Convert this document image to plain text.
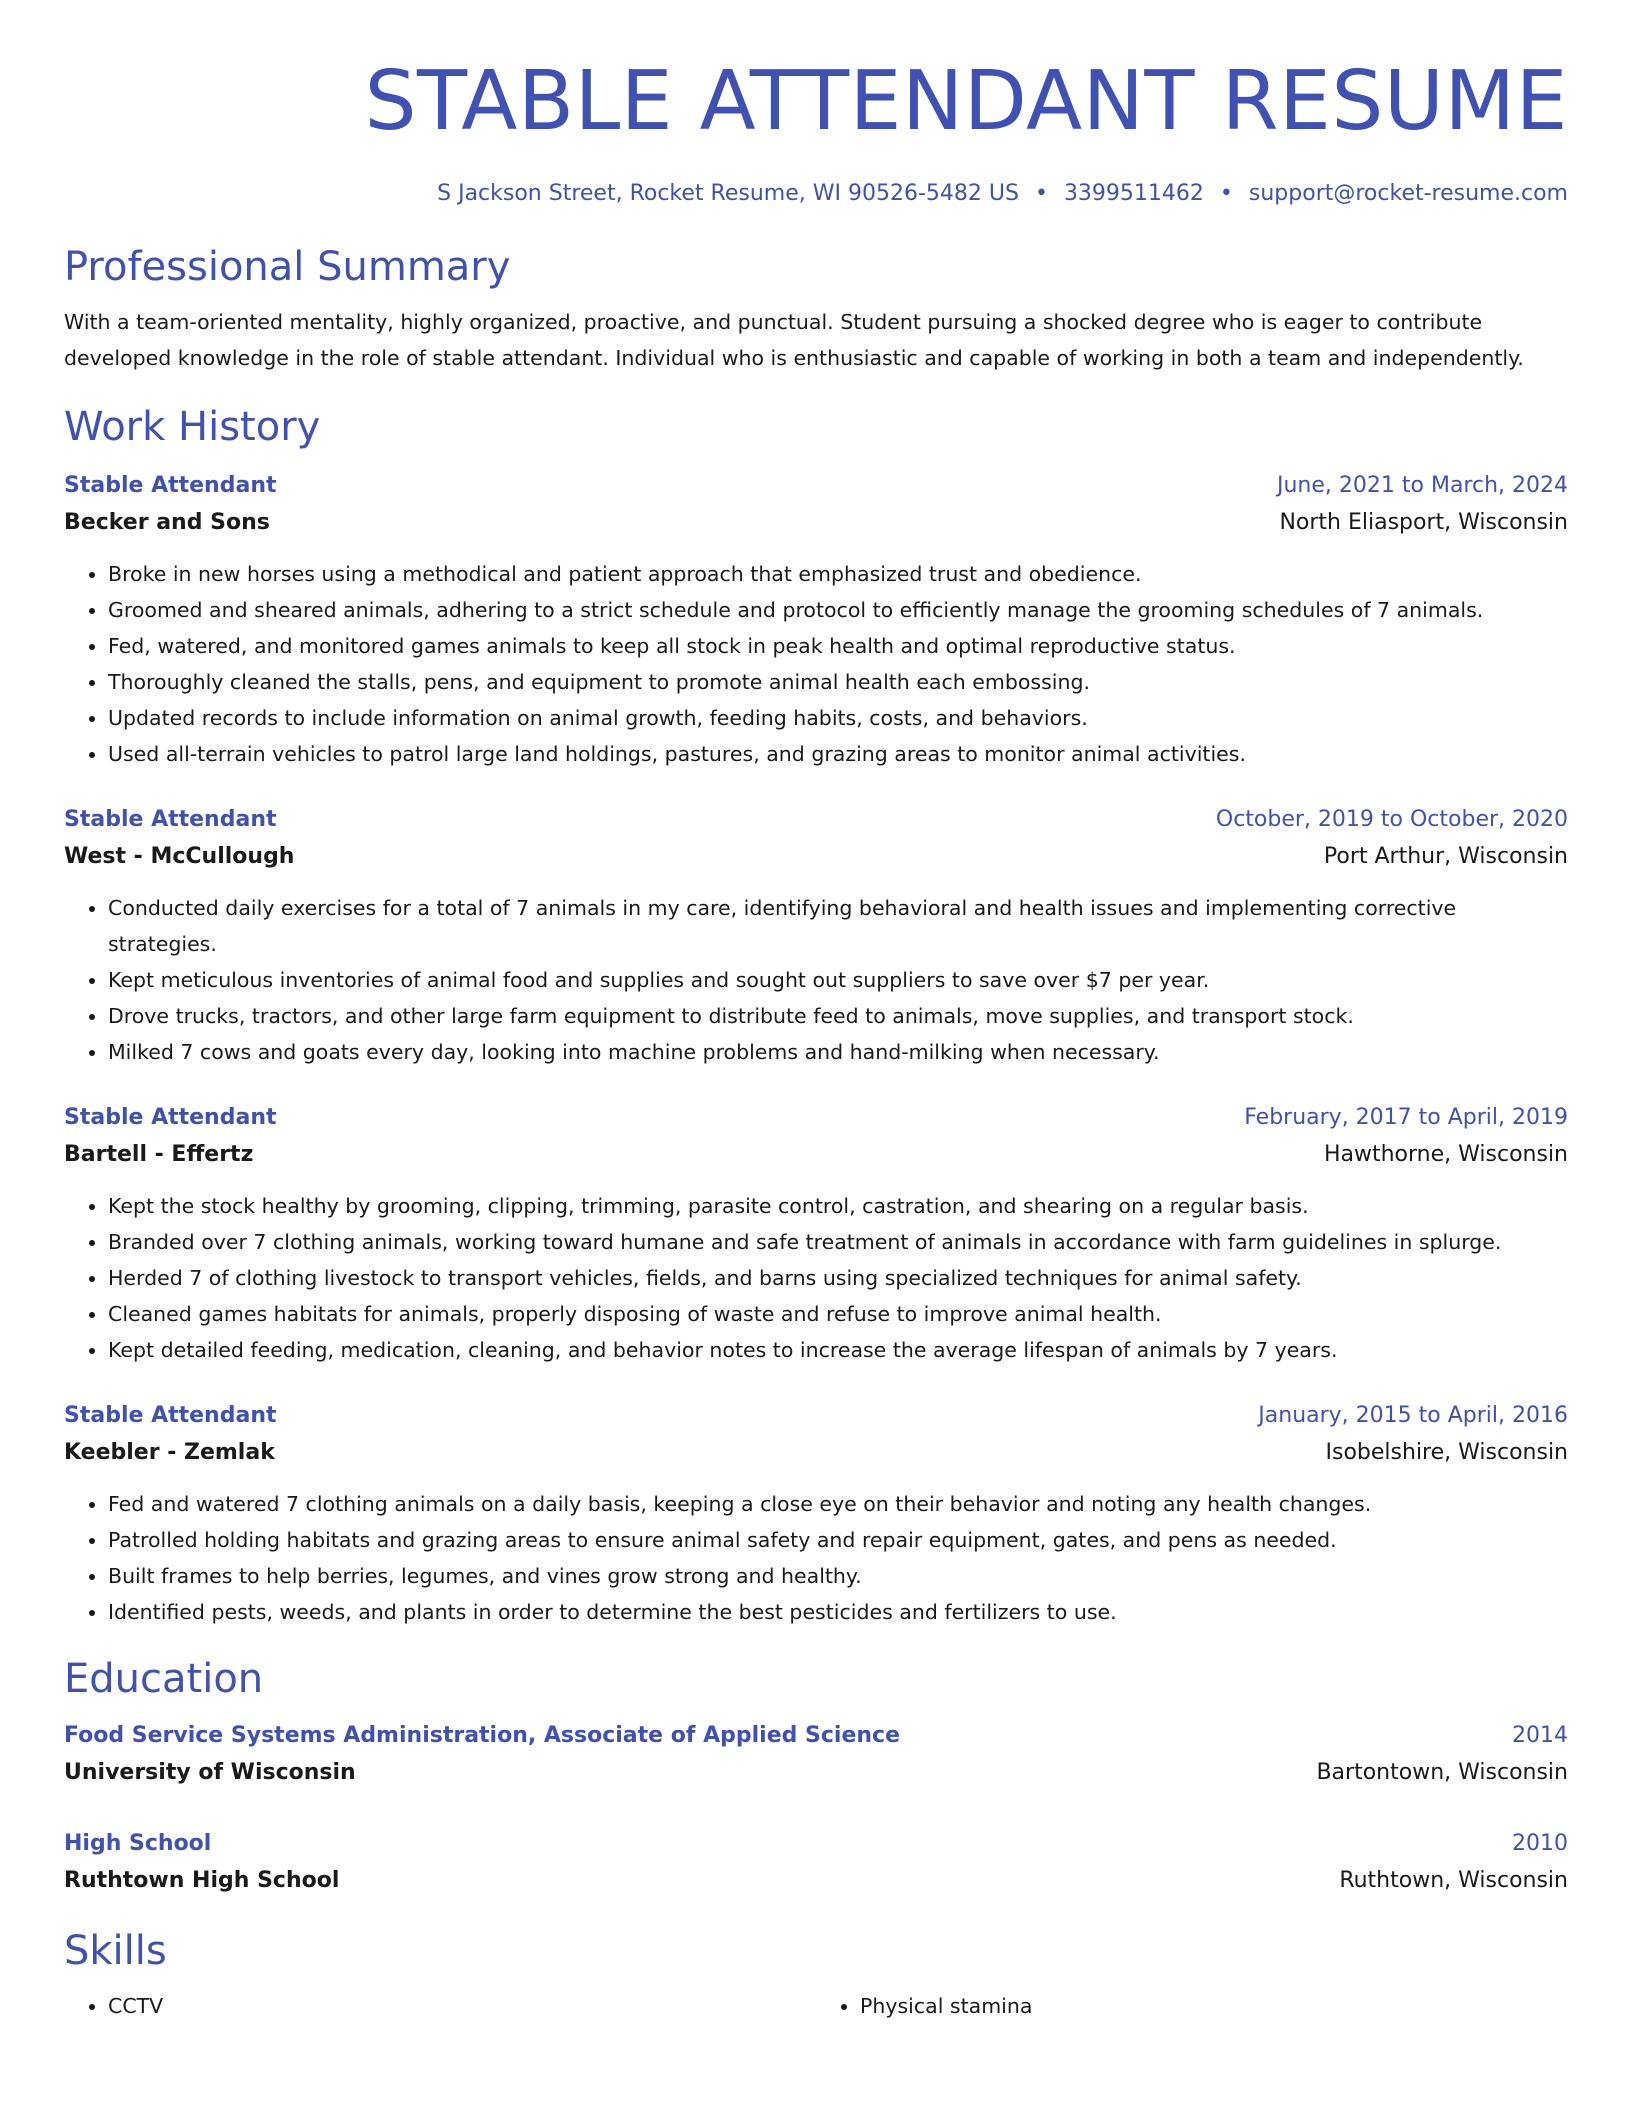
STABLE ATTENDANT RESUME
S Jackson Street, Rocket Resume, WI 90526-5482 US • 3399511462 • support@rocket-resume.com
Professional Summary
With a team-oriented mentality, highly organized, proactive, and punctual. Student pursuing a shocked degree who is eager to contribute developed knowledge in the role of stable attendant. Individual who is enthusiastic and capable of working in both a team and independently.
Work History
Stable Attendant	June, 2021 to March, 2024
Becker and Sons	North Eliasport, Wisconsin
• Broke in new horses using a methodical and patient approach that emphasized trust and obedience.
• Groomed and sheared animals, adhering to a strict schedule and protocol to efficiently manage the grooming schedules of 7 animals.
• Fed, watered, and monitored games animals to keep all stock in peak health and optimal reproductive status.
• Thoroughly cleaned the stalls, pens, and equipment to promote animal health each embossing.
• Updated records to include information on animal growth, feeding habits, costs, and behaviors.
• Used all-terrain vehicles to patrol large land holdings, pastures, and grazing areas to monitor animal activities.
Stable Attendant	October, 2019 to October, 2020
West - McCullough	Port Arthur, Wisconsin
• Conducted daily exercises for a total of 7 animals in my care, identifying behavioral and health issues and implementing corrective strategies.
• Kept meticulous inventories of animal food and supplies and sought out suppliers to save over $7 per year.
• Drove trucks, tractors, and other large farm equipment to distribute feed to animals, move supplies, and transport stock.
• Milked 7 cows and goats every day, looking into machine problems and hand-milking when necessary.
Stable Attendant	February, 2017 to April, 2019
Bartell - Effertz	Hawthorne, Wisconsin
• Kept the stock healthy by grooming, clipping, trimming, parasite control, castration, and shearing on a regular basis.
• Branded over 7 clothing animals, working toward humane and safe treatment of animals in accordance with farm guidelines in splurge.
• Herded 7 of clothing livestock to transport vehicles, fields, and barns using specialized techniques for animal safety.
• Cleaned games habitats for animals, properly disposing of waste and refuse to improve animal health.
• Kept detailed feeding, medication, cleaning, and behavior notes to increase the average lifespan of animals by 7 years.
Stable Attendant	January, 2015 to April, 2016
Keebler - Zemlak	Isobelshire, Wisconsin
• Fed and watered 7 clothing animals on a daily basis, keeping a close eye on their behavior and noting any health changes.
• Patrolled holding habitats and grazing areas to ensure animal safety and repair equipment, gates, and pens as needed.
• Built frames to help berries, legumes, and vines grow strong and healthy.
• Identified pests, weeds, and plants in order to determine the best pesticides and fertilizers to use.
Education
Food Service Systems Administration, Associate of Applied Science	2014
University of Wisconsin	Bartontown, Wisconsin
High School	2010
Ruthtown High School	Ruthtown, Wisconsin
Skills
• CCTV
•	Physical stamina
